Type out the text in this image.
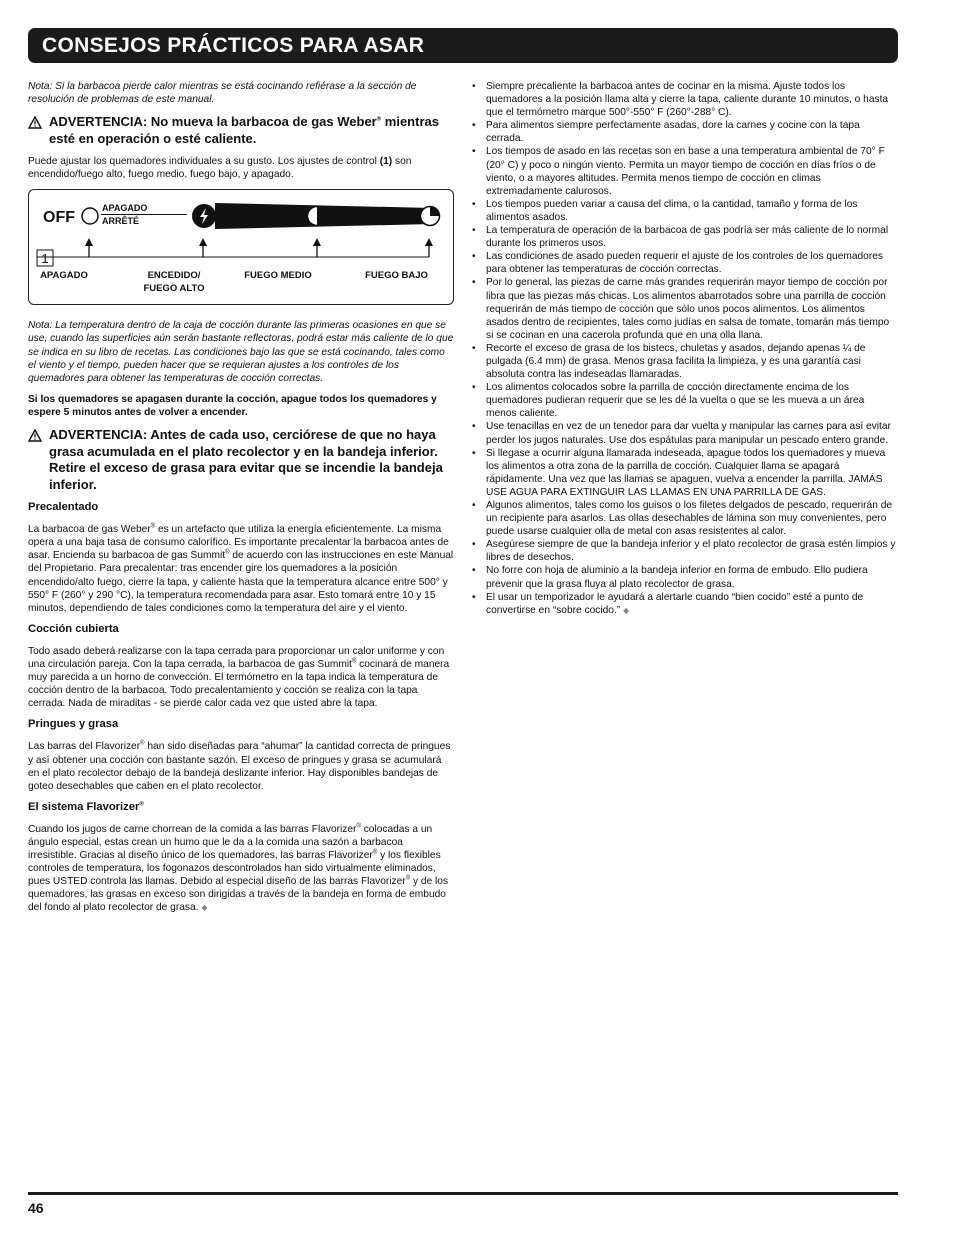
CONSEJOS PRÁCTICOS PARA ASAR

Nota: Si la barbacoa pierde calor mientras se está cocinando refiérase a la sección de resolución de problemas de este manual.

ADVERTENCIA: No mueva la barbacoa de gas Weber® mientras esté en operación o esté caliente.

Puede ajustar los quemadores individuales a su gusto. Los ajustes de control (1) son encendido/fuego alto, fuego medio, fuego bajo, y apagado.

OFF
APAGADO
ARRÊTÉ
1
APAGADO	ENCEDIDO/
FUEGO ALTO
FUEGO MEDIO	FUEGO BAJO

Nota: La temperatura dentro de la caja de cocción durante las primeras ocasiones en que se use, cuando las superficies aún serán bastante reflectoras, podrá estar más caliente de lo que se indica en su libro de recetas. Las condiciones bajo las que se está cocinando, tales como el viento y el tiempo, pueden hacer que se requieran ajustes a los controles de los quemadores para obtener las temperaturas de cocción correctas.

Si los quemadores se apagasen durante la cocción, apague todos los quemadores y espere 5 minutos antes de volver a encender.

ADVERTENCIA: Antes de cada uso, cerciórese de que no haya grasa acumulada en el plato recolector y en la bandeja inferior. Retire el exceso de grasa para evitar que se incendie la bandeja inferior.
Precalentado

La barbacoa de gas Weber® es un artefacto que utiliza la energía eficientemente. La misma opera a una baja tasa de consumo calorífico. Es importante precalentar la barbacoa antes de asar. Encienda su barbacoa de gas Summit® de acuerdo con las instrucciones en este Manual del Propietario. Para precalentar: tras encender gire los quemadores a la posición encendido/alto fuego, cierre la tapa, y caliente hasta que la temperatura alcance entre 500° y 550° F (260° y 290 °C), la temperatura recomendada para asar. Esto tomará entre 10 y 15 minutos, dependiendo de tales condiciones como la temperatura del aire y el viento.

Cocción cubierta

Todo asado deberá realizarse con la tapa cerrada para proporcionar un calor uniforme y con una circulación pareja. Con la tapa cerrada, la barbacoa de gas Summit® cocinará de manera muy parecida a un horno de convección. El termómetro en la tapa indica la temperatura de cocción dentro de la barbacoa. Todo precalentamiento y cocción se realiza con la tapa cerrada. Nada de miraditas - se pierde calor cada vez que usted abre la tapa.

Pringues y grasa

Las barras del Flavorizer® han sido diseñadas para “ahumar” la cantidad correcta de pringues y así obtener una cocción con bastante sazón. El exceso de pringues y grasa se acumulará en el plato recolector debajo de la bandeja deslizante inferior. Hay disponibles bandejas de goteo desechables que caben en el plato recolector.

El sistema Flavorizer®

Cuando los jugos de carne chorrean de la comida a las barras Flavorizer® colocadas a un ángulo especial, estas crean un humo que le da a la comida una sazón a barbacoa irresistible. Gracias al diseño único de los quemadores, las barras Flavorizer® y los flexibles controles de temperatura, los fogonazos descontrolados han sido virtualmente eliminados, pues USTED controla las llamas. Debido al especial diseño de las barras Flavorizer® y de los quemadores, las grasas en exceso son dirigidas a través de la bandeja en forma de embudo del fondo al plato recolector de grasa. ◆

• Siempre precaliente la barbacoa antes de cocinar en la misma. Ajuste todos los quemadores a la posición llama alta y cierre la tapa, caliente durante 10 minutos, o hasta que el termómetro marque 500°-550° F (260°-288° C).
• Para alimentos siempre perfectamente asadas, dore la carnes y cocine con la tapa cerrada.
• Los tiempos de asado en las recetas son en base a una temperatura ambiental de 70° F (20° C) y poco o ningún viento. Permita un mayor tiempo de cocción en días fríos o de viento, o a mayores altitudes. Permita menos tiempo de cocción en climas extremadamente calurosos.
• Los tiempos pueden variar a causa del clima, o la cantidad, tamaño y forma de los alimentos asados.
• La temperatura de operación de la barbacoa de gas podría ser más caliente de lo normal durante los primeros usos.
• Las condiciones de asado pueden requerir el ajuste de los controles de los quemadores para obtener las temperaturas de cocción correctas.
• Por lo general, las piezas de carne más grandes requerirán mayor tiempo de cocción por libra que las piezas más chicas. Los alimentos abarrotados sobre una parrilla de cocción requerirán de más tiempo de cocción que sólo unos pocos alimentos. Los alimentos asados dentro de recipientes, tales como judías en salsa de tomate, tomarán más tiempo si se cocinan en una cacerola profunda que en una olla llana.
• Recorte el exceso de grasa de los bistecs, chuletas y asados, dejando apenas ¼ de pulgada (6.4 mm) de grasa. Menos grasa facilita la limpieza, y es una garantía casi absoluta contra las indeseadas llamaradas.
• Los alimentos colocados sobre la parrilla de cocción directamente encima de los quemadores pudieran requerir que se les dé la vuelta o que se les mueva a un área menos caliente.
• Use tenacillas en vez de un tenedor para dar vuelta y manipular las carnes para así evitar perder los jugos naturales. Use dos espátulas para manipular un pescado entero grande.
• Si llegase a ocurrir alguna llamarada indeseada, apague todos los quemadores y mueva los alimentos a otra zona de la parrilla de cocción. Cualquier llama se apagará rápidamente. Una vez que las llamas se apaguen, vuelva a encender la parrilla. JAMÁS USE AGUA PARA EXTINGUIR LAS LLAMAS EN UNA PARRILLA DE GAS.
• Algunos alimentos, tales como los guisos o los filetes delgados de pescado, requerirán de un recipiente para asarlos. Las ollas desechables de lámina son muy convenientes, pero puede usarse cualquier olla de metal con asas resistentes al calor.
• Asegúrese siempre de que la bandeja inferior y el plato recolector de grasa estén limpios y libres de desechos.
• No forre con hoja de aluminio a la bandeja inferior en forma de embudo. Ello pudiera prevenir que la grasa fluya al plato recolector de grasa.
• El usar un temporizador le ayudará a alertarle cuando “bien cocido” esté a punto de convertirse en “sobre cocido.” ◆
46
